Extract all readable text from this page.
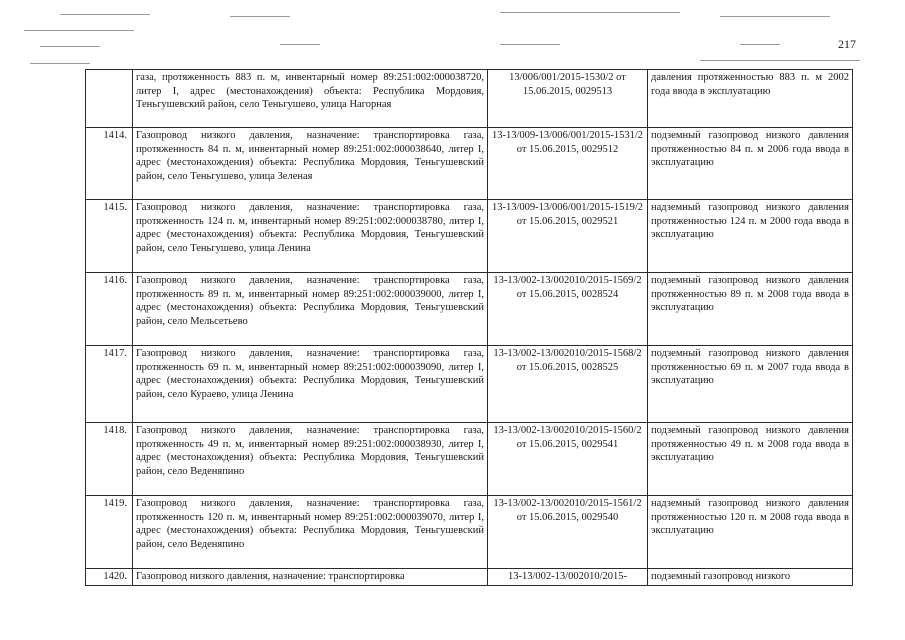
217
	газа, протяженность 883 п. м, инвентарный номер 89:251:002:000038720, литер I, адрес (местонахождения) объекта: Республика Мордовия, Теньгушевский район, село Теньгушево, улица Нагорная	13/006/001/2015-1530/2 от 15.06.2015, 0029513	давления протяженностью 883 п. м 2002 года ввода в эксплуатацию
1414.	Газопровод низкого давления, назначение: транспортировка газа, протяженность 84 п. м, инвентарный номер 89:251:002:000038640, литер I, адрес (местонахождения) объекта: Республика Мордовия, Теньгушевский район, село Теньгушево, улица Зеленая	13-13/009-13/006/001/2015-1531/2 от 15.06.2015, 0029512	подземный газопровод низкого давления протяженностью 84 п. м 2006 года ввода в эксплуатацию
1415.	Газопровод низкого давления, назначение: транспортировка газа, протяженность 124 п. м, инвентарный номер 89:251:002:000038780, литер I, адрес (местонахождения) объекта: Республика Мордовия, Теньгушевский район, село Теньгушево, улица Ленина	13-13/009-13/006/001/2015-1519/2 от 15.06.2015, 0029521	надземный газопровод низкого давления протяженностью 124 п. м 2000 года ввода в эксплуатацию
1416.	Газопровод низкого давления, назначение: транспортировка газа, протяженность 89 п. м, инвентарный номер 89:251:002:000039000, литер I, адрес (местонахождения) объекта: Республика Мордовия, Теньгушевский район, село Мельсетьево	13-13/002-13/002010/2015-1569/2 от 15.06.2015, 0028524	подземный газопровод низкого давления протяженностью 89 п. м 2008 года ввода в эксплуатацию
1417.	Газопровод низкого давления, назначение: транспортировка газа, протяженность 69 п. м, инвентарный номер 89:251:002:000039090, литер I, адрес (местонахождения) объекта: Республика Мордовия, Теньгушевский район, село Кураево, улица Ленина	13-13/002-13/002010/2015-1568/2 от 15.06.2015, 0028525	подземный газопровод низкого давления протяженностью 69 п. м 2007 года ввода в эксплуатацию
1418.	Газопровод низкого давления, назначение: транспортировка газа, протяженность 49 п. м, инвентарный номер 89:251:002:000038930, литер I, адрес (местонахождения) объекта: Республика Мордовия, Теньгушевский район, село Веденяпино	13-13/002-13/002010/2015-1560/2 от 15.06.2015, 0029541	подземный газопровод низкого давления протяженностью 49 п. м 2008 года ввода в эксплуатацию
1419.	Газопровод низкого давления, назначение: транспортировка газа, протяженность 120 п. м, инвентарный номер 89:251:002:000039070, литер I, адрес (местонахождения) объекта: Республика Мордовия, Теньгушевский район, село Веденяпино	13-13/002-13/002010/2015-1561/2 от 15.06.2015, 0029540	надземный газопровод низкого давления протяженностью 120 п. м 2008 года ввода в эксплуатацию
1420.	Газопровод низкого давления, назначение: транспортировка	13-13/002-13/002010/2015-	подземный газопровод низкого
